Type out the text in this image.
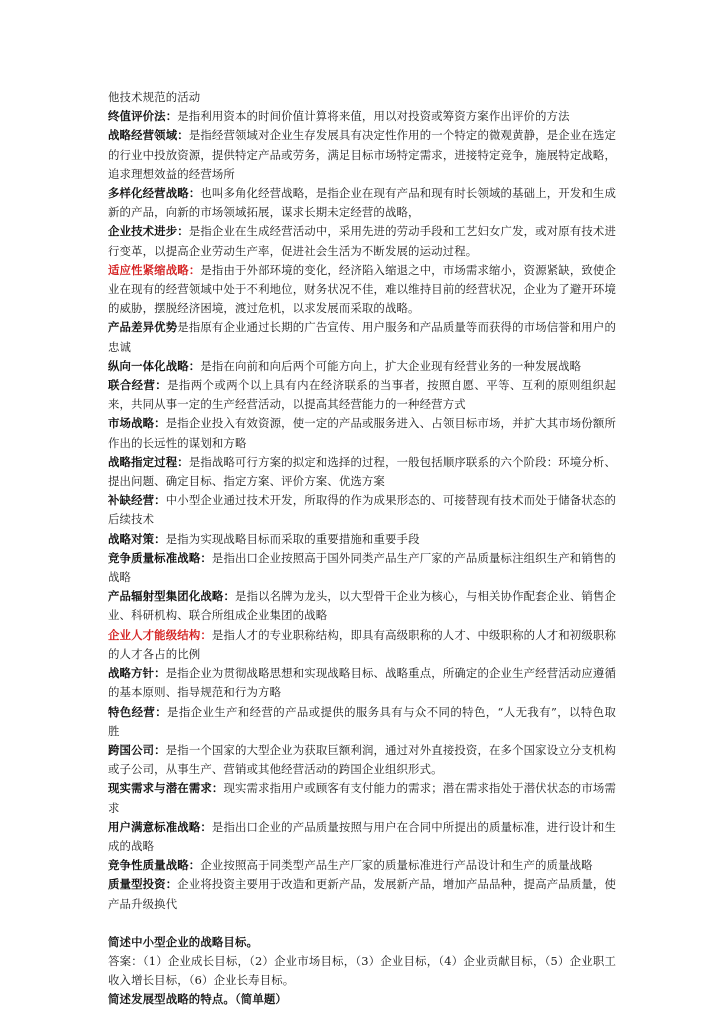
他技术规范的活动

终值评价法：是指利用资本的时间价值计算将来值，用以对投资或筹资方案作出评价的方法

战略经营领域：是指经营领域对企业生存发展具有决定性作用的一个特定的微观黄静，是企业在选定的行业中投放资源，提供特定产品或劳务，满足目标市场特定需求，进接特定竞争，施展特定战略，追求理想效益的经营场所

多样化经营战略：也叫多角化经营战略，是指企业在现有产品和现有时长领域的基础上，开发和生成新的产品，向新的市场领域拓展，谋求长期未定经营的战略，

企业技术进步：是指企业在生成经营活动中，采用先进的劳动手段和工艺妇女广发，或对原有技术进行变革，以提高企业劳动生产率，促进社会生活为不断发展的运动过程。

适应性紧缩战略：是指由于外部环境的变化，经济陷入缩退之中，市场需求缩小，资源紧缺，致使企业在现有的经营领域中处于不利地位，财务状况不佳，难以维持目前的经营状况，企业为了避开环境的威胁，摆脱经济困境，渡过危机，以求发展而采取的战略。

产品差异优势是指原有企业通过长期的广告宣传、用户服务和产品质量等而获得的市场信誉和用户的忠诚

纵向一体化战略：是指在向前和向后两个可能方向上，扩大企业现有经营业务的一种发展战略

联合经营：是指两个或两个以上具有内在经济联系的当事者，按照自愿、平等、互利的原则组织起来，共同从事一定的生产经营活动，以提高其经营能力的一种经营方式

市场战略：是指企业投入有效资源，使一定的产品或服务进入、占领目标市场，并扩大其市场份额所作出的长远性的谋划和方略

战略指定过程：是指战略可行方案的拟定和选择的过程，一般包括顺序联系的六个阶段：环境分析、提出问题、确定目标、指定方案、评价方案、优选方案

补缺经营：中小型企业通过技术开发，所取得的作为成果形态的、可接替现有技术而处于储备状态的后续技术

战略对策：是指为实现战略目标而采取的重要措施和重要手段

竞争质量标准战略：是指出口企业按照高于国外同类产品生产厂家的产品质量标注组织生产和销售的战略

产品辐射型集团化战略：是指以名牌为龙头，以大型骨干企业为核心，与相关协作配套企业、销售企业、科研机构、联合所组成企业集团的战略

企业人才能级结构：是指人才的专业职称结构，即具有高级职称的人才、中级职称的人才和初级职称的人才各占的比例

战略方针：是指企业为贯彻战略思想和实现战略目标、战略重点，所确定的企业生产经营活动应遵循的基本原则、指导规范和行为方略

特色经营：是指企业生产和经营的产品或提供的服务具有与众不同的特色，“人无我有”，以特色取胜

跨国公司：是指一个国家的大型企业为获取巨额利润，通过对外直接投资，在多个国家设立分支机构或子公司，从事生产、营销或其他经营活动的跨国企业组织形式。

现实需求与潜在需求：现实需求指用户或顾客有支付能力的需求；潜在需求指处于潜伏状态的市场需求

用户满意标准战略：是指出口企业的产品质量按照与用户在合同中所提出的质量标准，进行设计和生成的战略

竞争性质量战略：企业按照高于同类型产品生产厂家的质量标准进行产品设计和生产的质量战略

质量型投资：企业将投资主要用于改造和更新产品，发展新产品，增加产品品种，提高产品质量，使产品升级换代

简述中小型企业的战略目标。

答案：（1）企业成长目标，（2）企业市场目标，（3）企业目标，（4）企业贡献目标，（5）企业职工收入增长目标，（6）企业长寿目标。

简述发展型战略的特点。（简单题）
